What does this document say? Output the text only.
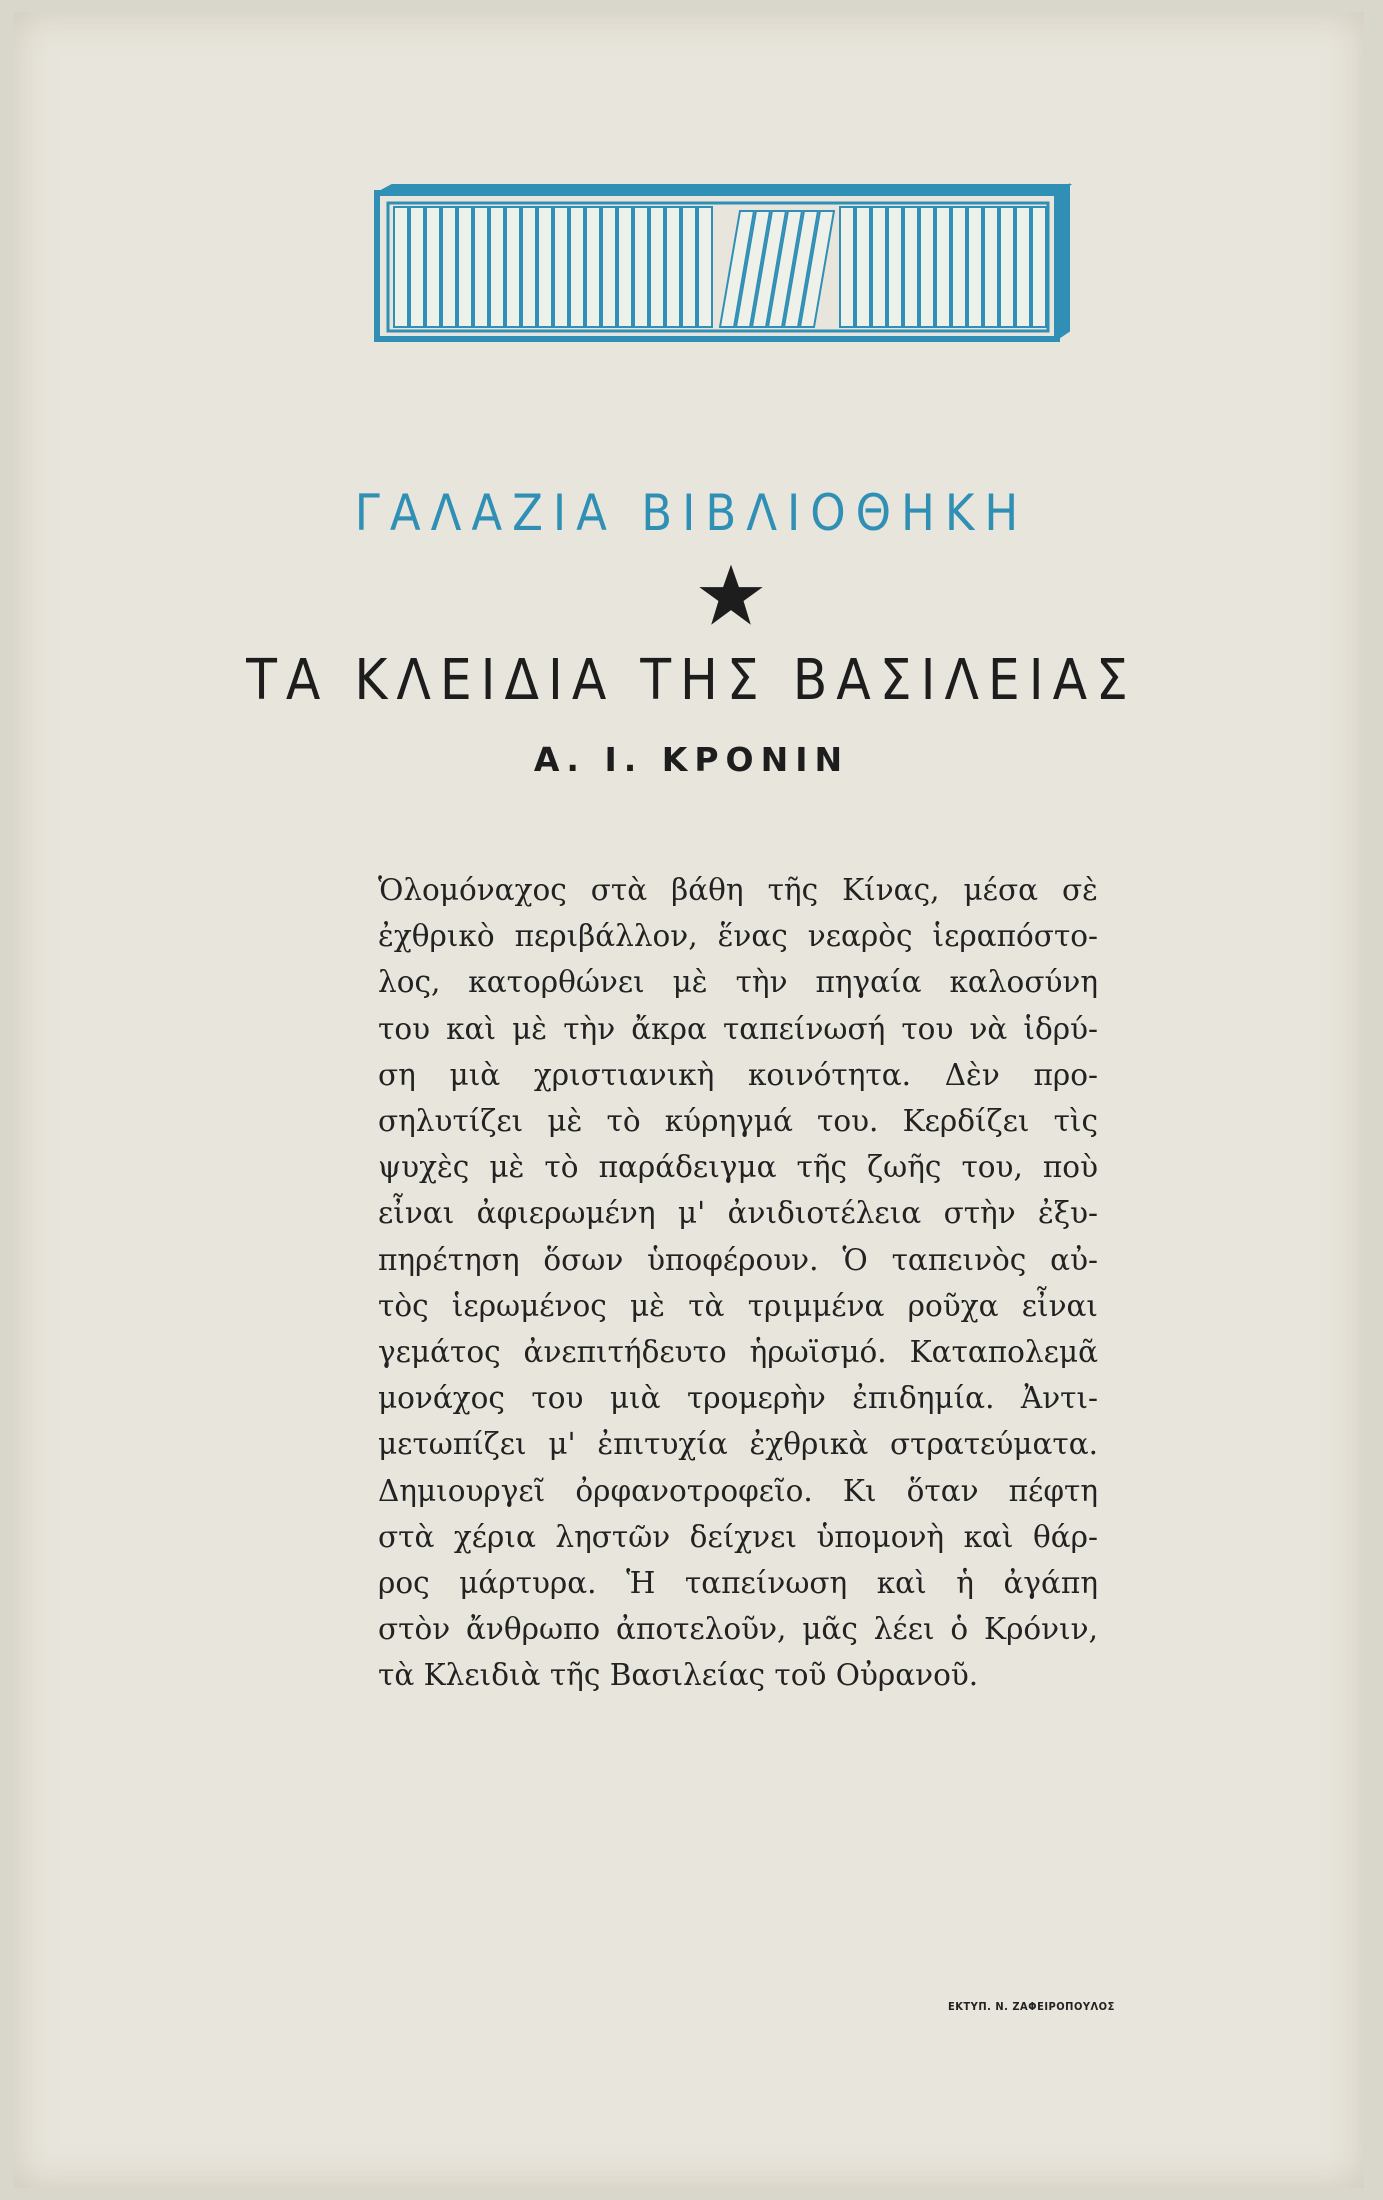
ΓΑΛΑΖΙΑ ΒΙΒΛΙΟΘΗΚΗ
ΤΑ ΚΛΕΙΔΙΑ ΤΗΣ ΒΑΣΙΛΕΙΑΣ
Α. Ι. ΚΡΟΝΙΝ
Ὁλομόναχος στὰ βάθη τῆς Κίνας, μέσα σὲ
ἐχθρικὸ περιβάλλον, ἕνας νεαρὸς ἱεραπόστο-
λος, κατορθώνει μὲ τὴν πηγαία καλοσύνη
του καὶ μὲ τὴν ἄκρα ταπείνωσή του νὰ ἱδρύ-
ση μιὰ χριστιανικὴ κοινότητα. Δὲν προ-
σηλυτίζει μὲ τὸ κύρηγμά του. Κερδίζει τὶς
ψυχὲς μὲ τὸ παράδειγμα τῆς ζωῆς του, ποὺ
εἶναι ἀφιερωμένη μ' ἀνιδιοτέλεια στὴν ἐξυ-
πηρέτηση ὅσων ὑποφέρουν. Ὁ ταπεινὸς αὐ-
τὸς ἱερωμένος μὲ τὰ τριμμένα ροῦχα εἶναι
γεμάτος ἀνεπιτήδευτο ἡρωϊσμό. Καταπολεμᾶ
μονάχος του μιὰ τρομερὴν ἐπιδημία. Ἀντι-
μετωπίζει μ' ἐπιτυχία ἐχθρικὰ στρατεύματα.
Δημιουργεῖ ὀρφανοτροφεῖο. Κι ὅταν πέφτη
στὰ χέρια ληστῶν δείχνει ὑπομονὴ καὶ θάρ-
ρος μάρτυρα. Ἡ ταπείνωση καὶ ἡ ἀγάπη
στὸν ἄνθρωπο ἀποτελοῦν, μᾶς λέει ὁ Κρόνιν,
τὰ Κλειδιὰ τῆς Βασιλείας τοῦ Οὐρανοῦ.
ΕΚΤΥΠ. Ν. ΖΑΦΕΙΡΟΠΟΥΛΟΣ
